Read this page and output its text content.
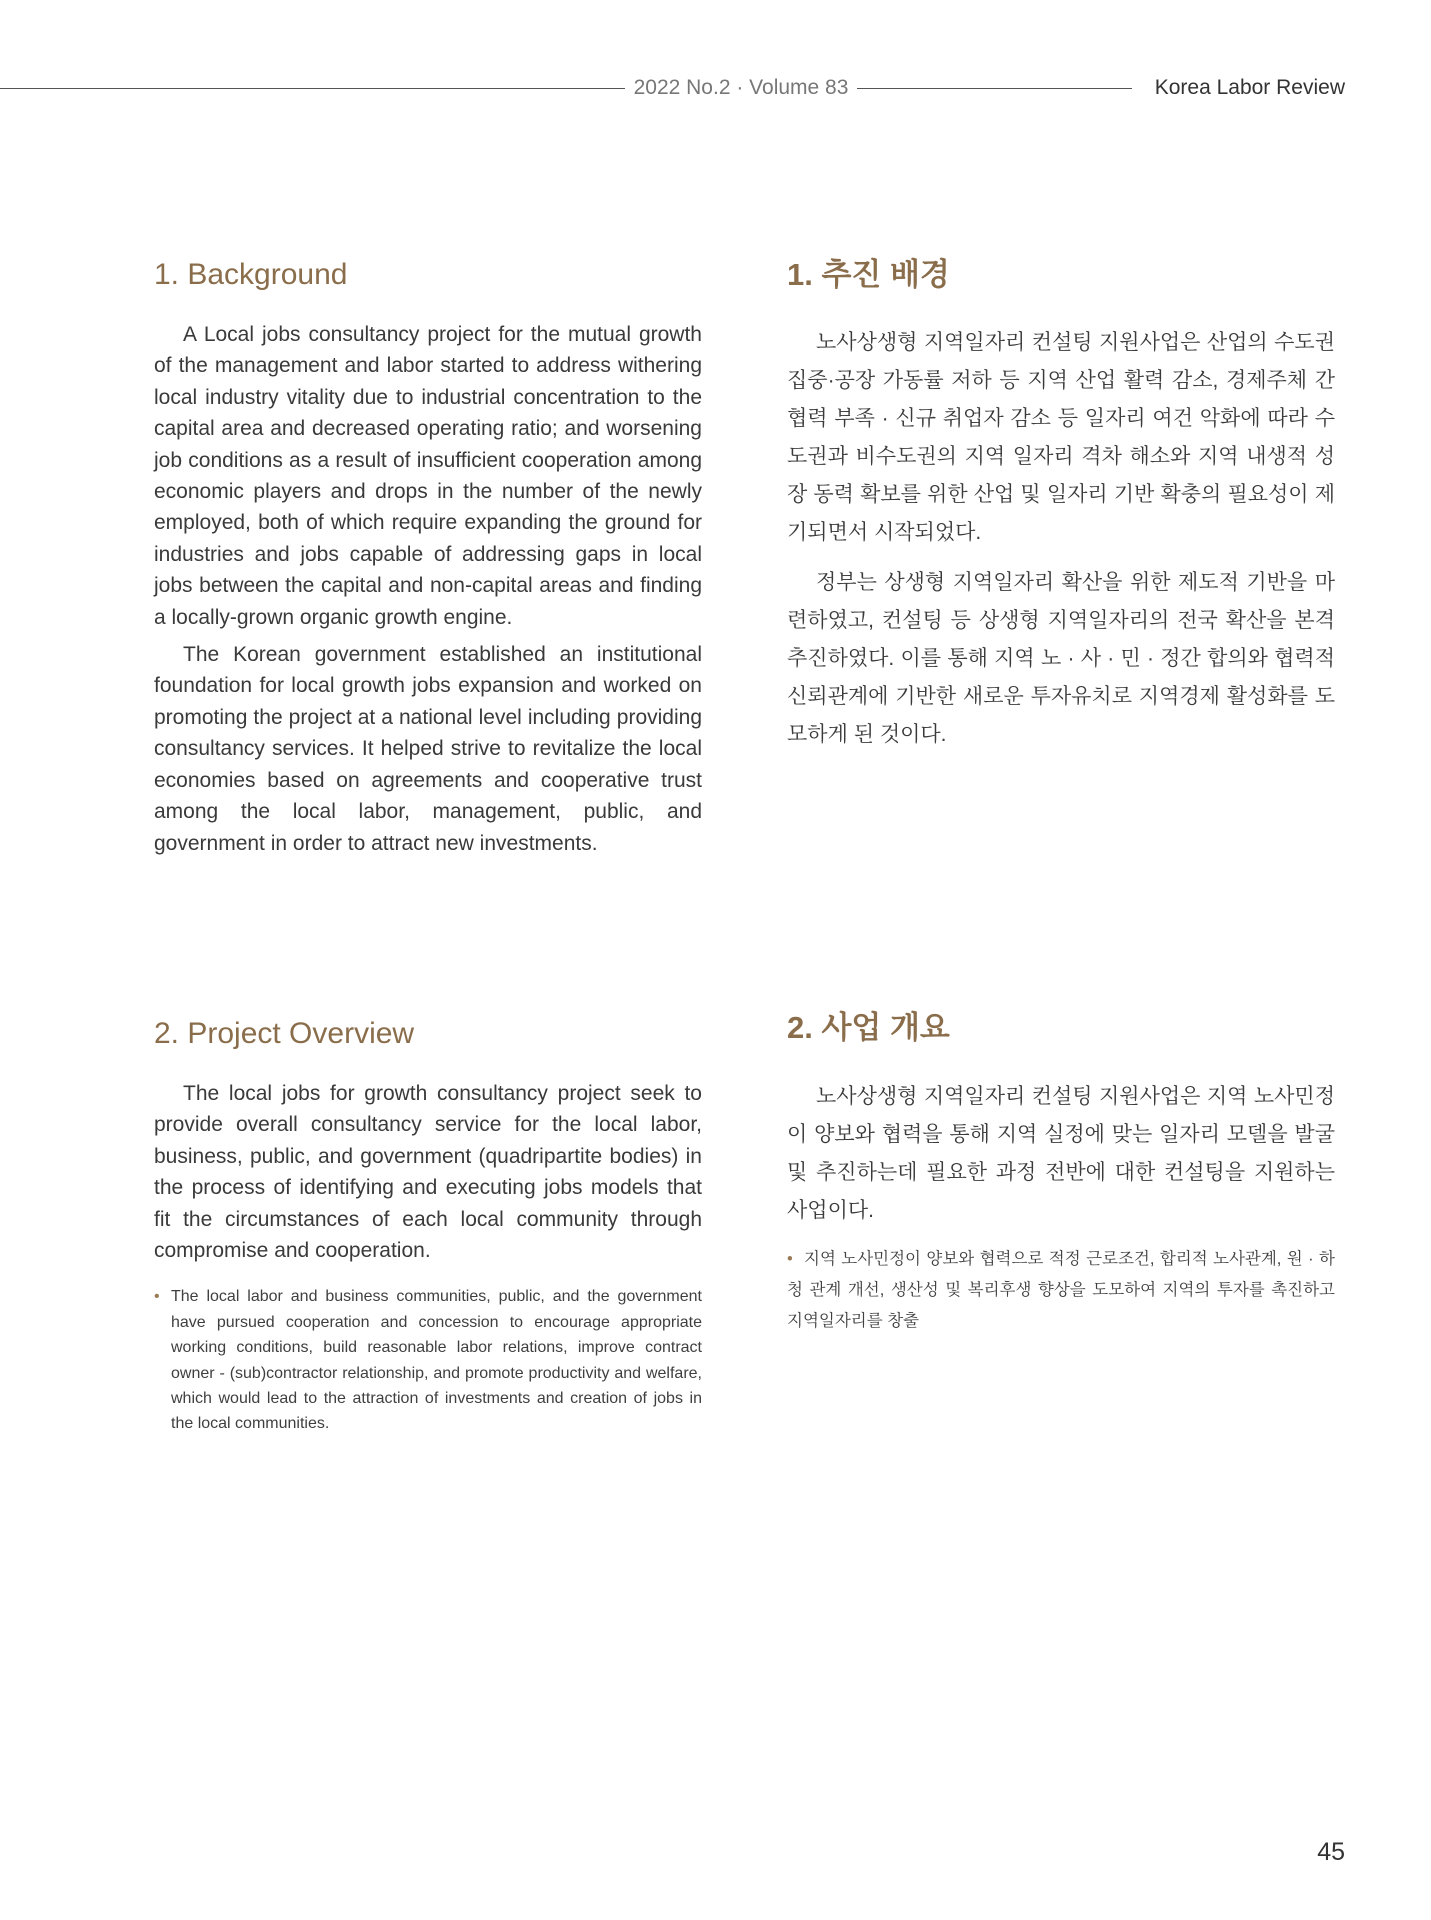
2022 No.2 · Volume 83	Korea Labor Review
1. Background

A Local jobs consultancy project for the mutual growth of the management and labor started to address withering local industry vitality due to industrial concentration to the capital area and decreased operating ratio; and worsening job conditions as a result of insufficient cooperation among economic players and drops in the number of the newly employed, both of which require expanding the ground for industries and jobs capable of addressing gaps in local jobs between the capital and non-capital areas and finding a locally-grown organic growth engine.

The Korean government established an institutional foundation for local growth jobs expansion and worked on promoting the project at a national level including providing consultancy services. It helped strive to revitalize the local economies based on agreements and cooperative trust among the local labor, management, public, and government in order to attract new investments.

1. 추진 배경

노사상생형 지역일자리 컨설팅 지원사업은 산업의 수도권 집중·공장 가동률 저하 등 지역 산업 활력 감소, 경제주체 간 협력 부족 · 신규 취업자 감소 등 일자리 여건 악화에 따라 수도권과 비수도권의 지역 일자리 격차 해소와 지역 내생적 성장 동력 확보를 위한 산업 및 일자리 기반 확충의 필요성이 제기되면서 시작되었다.

정부는 상생형 지역일자리 확산을 위한 제도적 기반을 마련하였고, 컨설팅 등 상생형 지역일자리의 전국 확산을 본격 추진하였다. 이를 통해 지역 노 · 사 · 민 · 정간 합의와 협력적 신뢰관계에 기반한 새로운 투자유치로 지역경제 활성화를 도모하게 된 것이다.

2. Project Overview

The local jobs for growth consultancy project seek to provide overall consultancy service for the local labor, business, public, and government (quadripartite bodies) in the process of identifying and executing jobs models that fit the circumstances of each local community through compromise and cooperation.

• The local labor and business communities, public, and the government have pursued cooperation and concession to encourage appropriate working conditions, build reasonable labor relations, improve contract owner - (sub)contractor relationship, and promote productivity and welfare, which would lead to the attraction of investments and creation of jobs in the local communities.
2. 사업 개요

노사상생형 지역일자리 컨설팅 지원사업은 지역 노사민정이 양보와 협력을 통해 지역 실정에 맞는 일자리 모델을 발굴 및 추진하는데 필요한 과정 전반에 대한 컨설팅을 지원하는 사업이다.

• 지역 노사민정이 양보와 협력으로 적정 근로조건, 합리적 노사관계, 원 · 하청 관계 개선, 생산성 및 복리후생 향상을 도모하여 지역의 투자를 촉진하고 지역일자리를 창출
45
